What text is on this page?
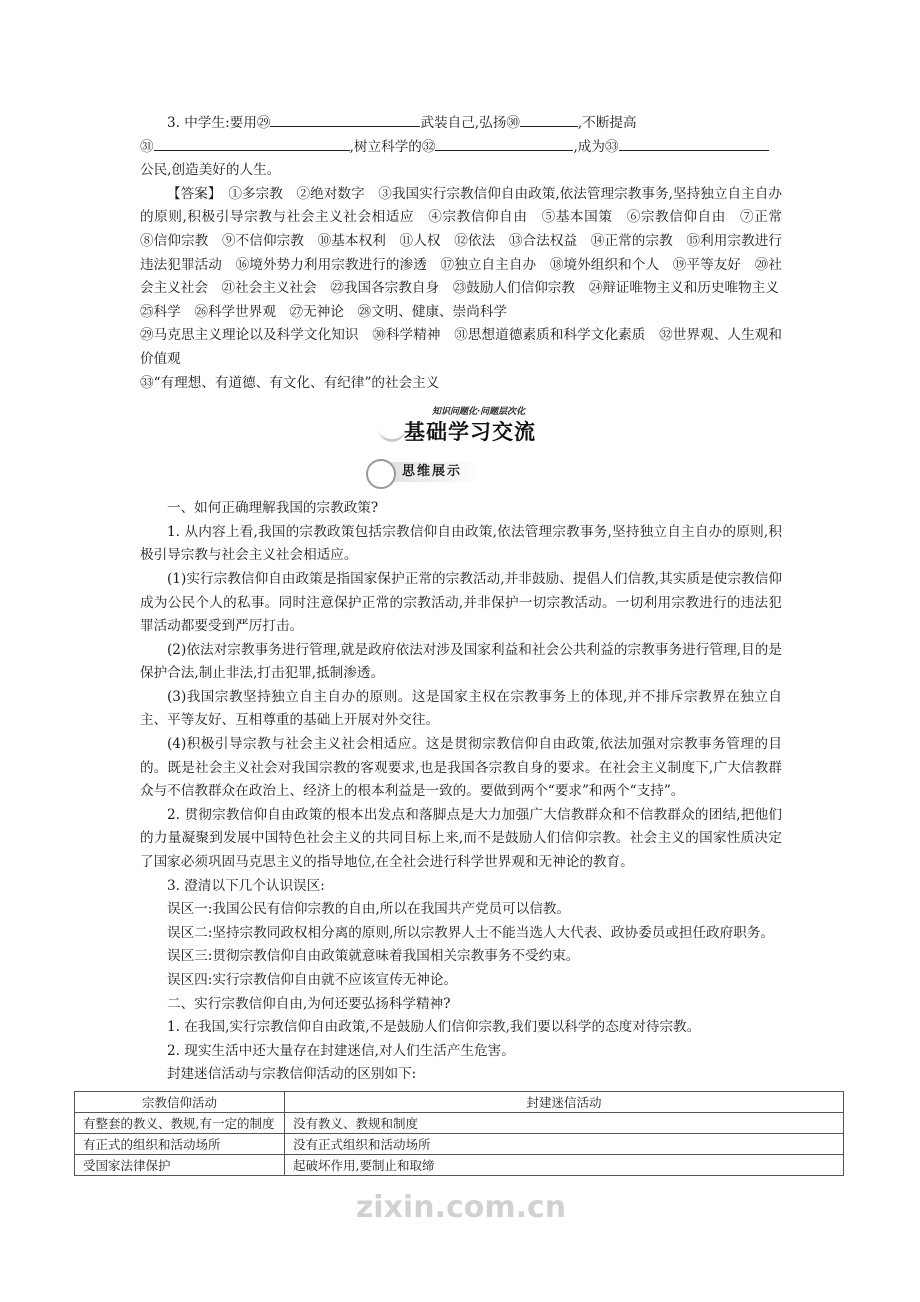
3. 中学生:要用㉙	武装自己,弘扬㉚	,不断提高

㉛	,树立科学的㉜	,成为㉝

公民,创造美好的人生。

【答案】　 ①多宗教　②绝对数字　③我国实行宗教信仰自由政策,依法管理宗教事务,坚持独立自主自办的原则,积极引导宗教与社会主义社会相适应　④宗教信仰自由　⑤基本国策　⑥宗教信仰自由　⑦正常　⑧信仰宗教　⑨不信仰宗教　⑩基本权利　⑪人权　⑫依法　⑬合法权益　⑭正常的宗教　⑮利用宗教进行违法犯罪活动　⑯境外势力利用宗教进行的渗透　⑰独立自主自办　⑱境外组织和个人　⑲平等友好　⑳社会主义社会　㉑社会主义社会　㉒我国各宗教自身　㉓鼓励人们信仰宗教　㉔辩证唯物主义和历史唯物主义

㉕科学　㉖科学世界观　㉗无神论　㉘文明、健康、崇尚科学

㉙马克思主义理论以及科学文化知识　㉚科学精神　㉛思想道德素质和科学文化素质　㉜世界观、人生观和价值观

㉝“有理想、有道德、有文化、有纪律”的社会主义

知识问题化·问题层次化
基础学习交流
思维展示

一、如何正确理解我国的宗教政策?

1. 从内容上看,我国的宗教政策包括宗教信仰自由政策,依法管理宗教事务,坚持独立自主自办的原则,积极引导宗教与社会主义社会相适应。

(1)实行宗教信仰自由政策是指国家保护正常的宗教活动,并非鼓励、提倡人们信教,其实质是使宗教信仰成为公民个人的私事。同时注意保护正常的宗教活动,并非保护一切宗教活动。一切利用宗教进行的违法犯罪活动都要受到严厉打击。

(2)依法对宗教事务进行管理,就是政府依法对涉及国家利益和社会公共利益的宗教事务进行管理,目的是保护合法,制止非法,打击犯罪,抵制渗透。

(3)我国宗教坚持独立自主自办的原则。这是国家主权在宗教事务上的体现,并不排斥宗教界在独立自主、平等友好、互相尊重的基础上开展对外交往。

(4)积极引导宗教与社会主义社会相适应。这是贯彻宗教信仰自由政策,依法加强对宗教事务管理的目的。既是社会主义社会对我国宗教的客观要求,也是我国各宗教自身的要求。在社会主义制度下,广大信教群众与不信教群众在政治上、经济上的根本利益是一致的。要做到两个“要求”和两个“支持”。

2. 贯彻宗教信仰自由政策的根本出发点和落脚点是大力加强广大信教群众和不信教群众的团结,把他们的力量凝聚到发展中国特色社会主义的共同目标上来,而不是鼓励人们信仰宗教。社会主义的国家性质决定了国家必须巩固马克思主义的指导地位,在全社会进行科学世界观和无神论的教育。

3. 澄清以下几个认识误区:

误区一:我国公民有信仰宗教的自由,所以在我国共产党员可以信教。

误区二:坚持宗教同政权相分离的原则,所以宗教界人士不能当选人大代表、政协委员或担任政府职务。

误区三:贯彻宗教信仰自由政策就意味着我国相关宗教事务不受约束。

误区四:实行宗教信仰自由就不应该宣传无神论。

二、实行宗教信仰自由,为何还要弘扬科学精神?

1. 在我国,实行宗教信仰自由政策,不是鼓励人们信仰宗教,我们要以科学的态度对待宗教。

2. 现实生活中还大量存在封建迷信,对人们生活产生危害。

封建迷信活动与宗教信仰活动的区别如下:

宗教信仰活动	封建迷信活动
有整套的教义、教规,有一定的制度	没有教义、教规和制度
有正式的组织和活动场所	没有正式组织和活动场所
受国家法律保护	起破坏作用,要制止和取缔
zixin.com.cn
